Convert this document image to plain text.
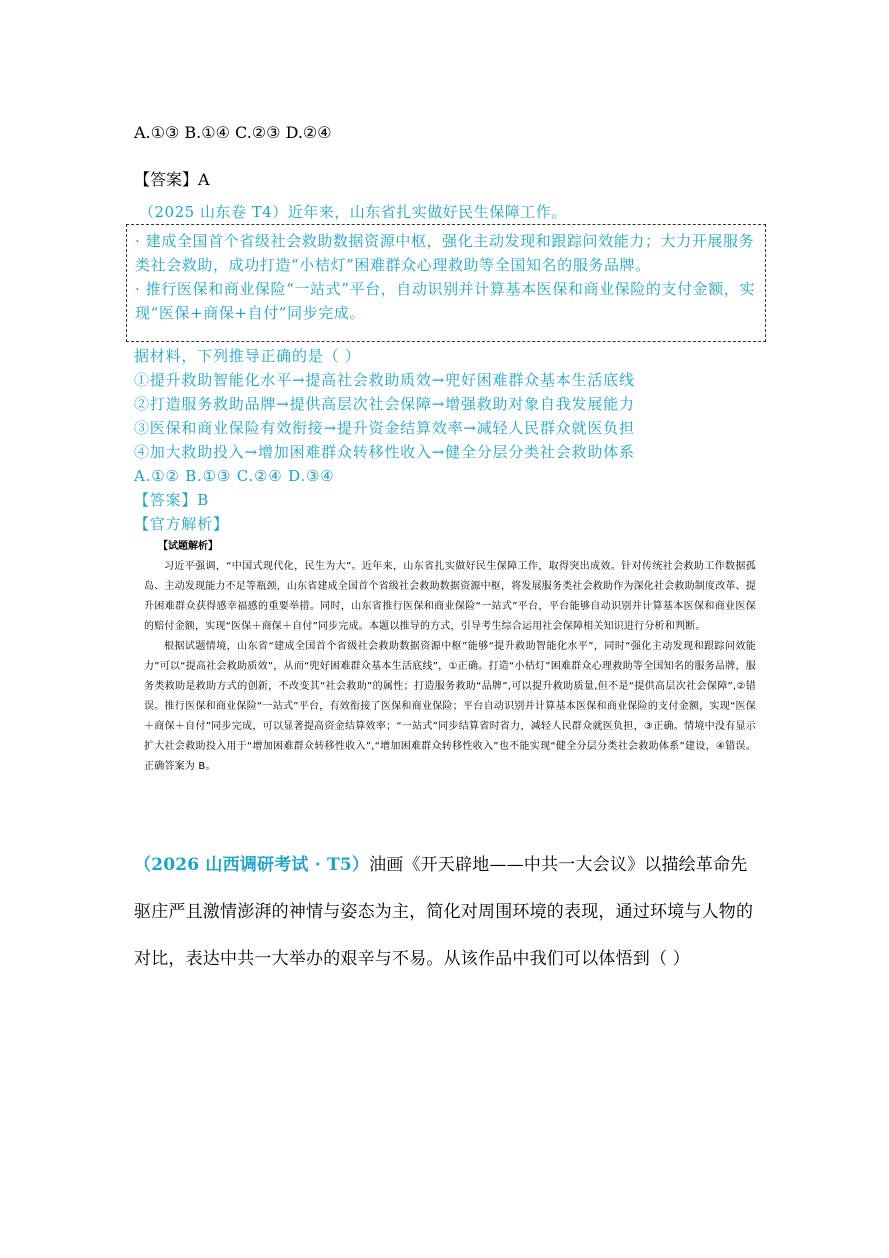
A.①③ B.①④ C.②③ D.②④
【答案】A
（2025 山东卷 T4）近年来，山东省扎实做好民生保障工作。

· 建成全国首个省级社会救助数据资源中枢，强化主动发现和跟踪问效能力；大力开展服务类社会救助，成功打造“小桔灯”困难群众心理救助等全国知名的服务品牌。

· 推行医保和商业保险“一站式”平台，自动识别并计算基本医保和商业保险的支付金额，实现“医保+商保+自付”同步完成。

据材料，下列推导正确的是（ ）
①提升救助智能化水平→提高社会救助质效→兜好困难群众基本生活底线
②打造服务救助品牌→提供高层次社会保障→增强救助对象自我发展能力
③医保和商业保险有效衔接→提升资金结算效率→减轻人民群众就医负担
④加大救助投入→增加困难群众转移性收入→健全分层分类社会救助体系
A.①② B.①③ C.②④ D.③④
【答案】B
【官方解析】
【试题解析】

习近平强调，“中国式现代化，民生为大”。近年来，山东省扎实做好民生保障工作，取得突出成效。针对传统社会救助工作数据孤岛、主动发现能力不足等瓶颈，山东省建成全国首个省级社会救助数据资源中枢，将发展服务类社会救助作为深化社会救助制度改革、提升困难群众获得感幸福感的重要举措。同时，山东省推行医保和商业保险“一站式”平台，平台能够自动识别并计算基本医保和商业医保的赔付金额，实现“医保＋商保＋自付”同步完成。本题以推导的方式，引导考生综合运用社会保障相关知识进行分析和判断。

根据试题情境，山东省“建成全国首个省级社会救助数据资源中枢”能够“提升救助智能化水平”，同时“强化主动发现和跟踪问效能力”可以“提高社会救助质效”，从而“兜好困难群众基本生活底线”，①正确。打造“小桔灯”困难群众心理救助等全国知名的服务品牌，服务类救助是救助方式的创新，不改变其“社会救助”的属性；打造服务救助“品牌”,可以提升救助质量,但不是“提供高层次社会保障”,②错误。推行医保和商业保险“一站式”平台，有效衔接了医保和商业保险；平台自动识别并计算基本医保和商业保险的支付金额，实现“医保＋商保＋自付”同步完成，可以显著提高资金结算效率；“一站式”同步结算省时省力，减轻人民群众就医负担，③正确。情境中没有显示扩大社会救助投入用于“增加困难群众转移性收入”,“增加困难群众转移性收入”也不能实现“健全分层分类社会救助体系”建设，④错误。正确答案为 B。

（2026 山西调研考试 · T5）油画《开天辟地——中共一大会议》以描绘革命先驱庄严且激情澎湃的神情与姿态为主，简化对周围环境的表现，通过环境与人物的对比，表达中共一大举办的艰辛与不易。从该作品中我们可以体悟到（ ）
